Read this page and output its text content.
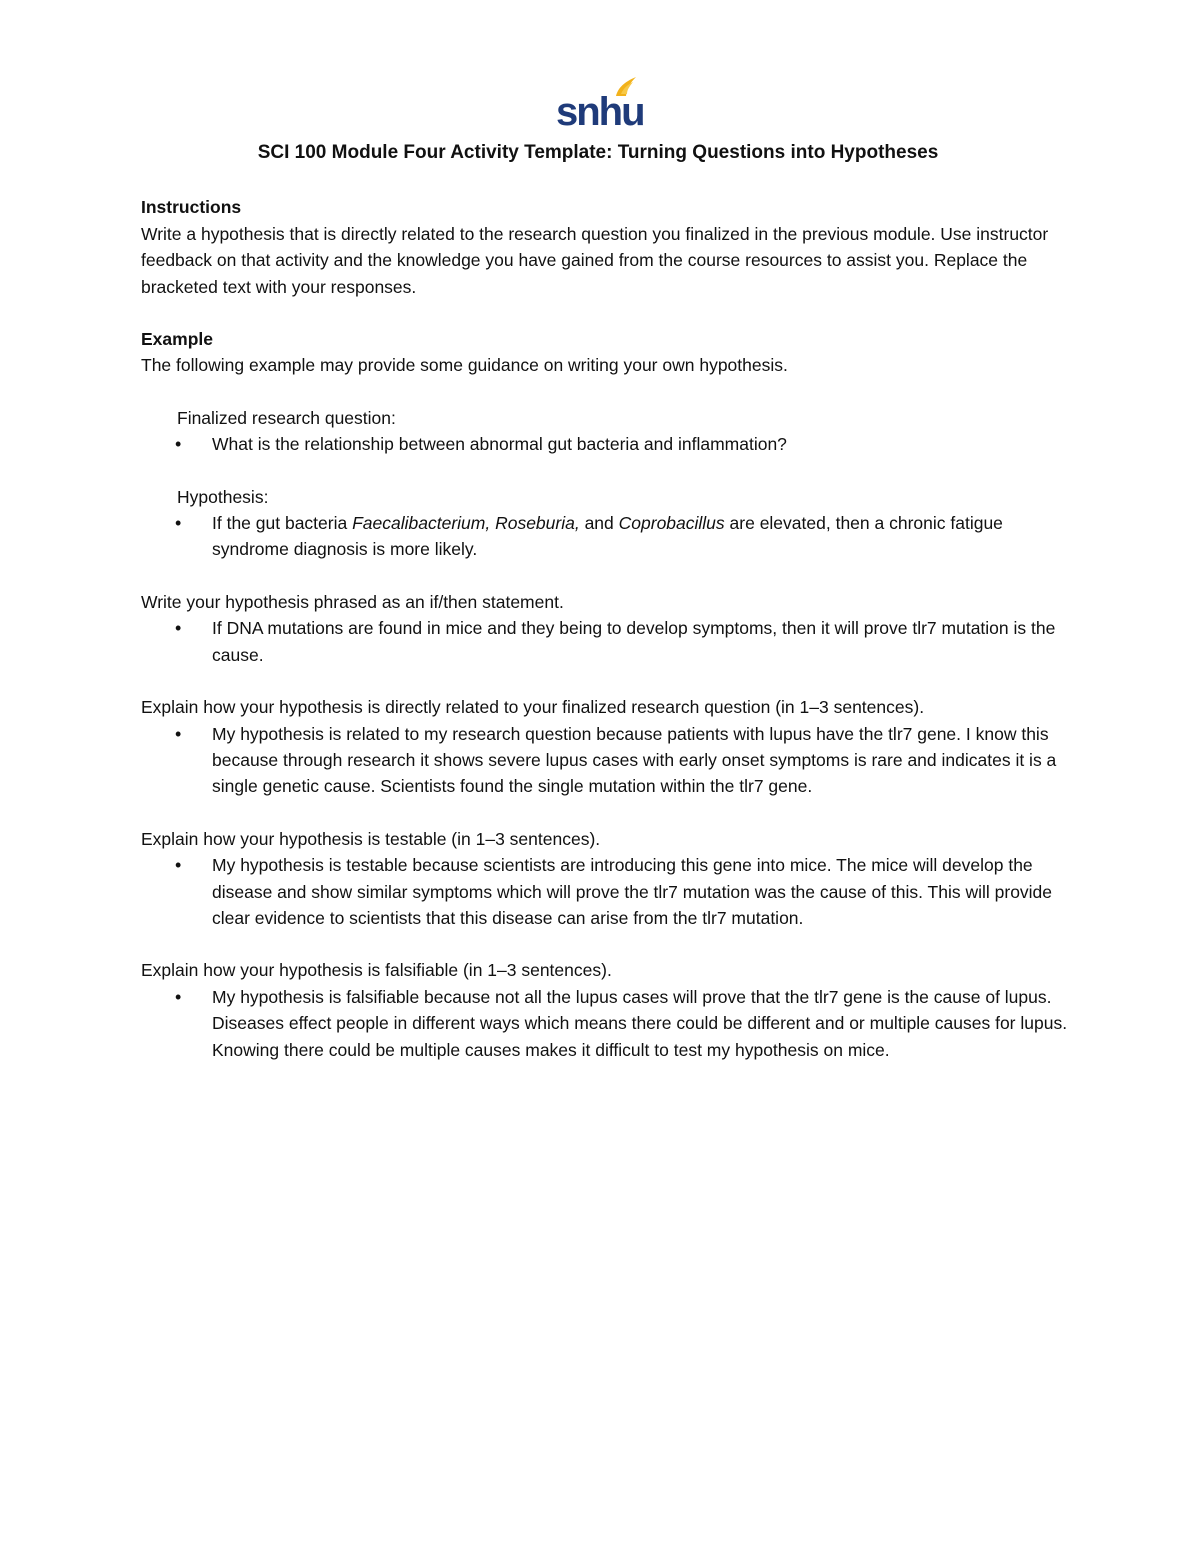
snhu
SCI 100 Module Four Activity Template: Turning Questions into Hypotheses

Instructions

Write a hypothesis that is directly related to the research question you finalized in the previous module. Use instructor feedback on that activity and the knowledge you have gained from the course resources to assist you. Replace the bracketed text with your responses.

Example

The following example may provide some guidance on writing your own hypothesis.

Finalized research question:

• What is the relationship between abnormal gut bacteria and inflammation?

Hypothesis:

• If the gut bacteria Faecalibacterium, Roseburia, and Coprobacillus are elevated, then a chronic fatigue syndrome diagnosis is more likely.

Write your hypothesis phrased as an if/then statement.

• If DNA mutations are found in mice and they being to develop symptoms, then it will prove tlr7 mutation is the cause.

Explain how your hypothesis is directly related to your finalized research question (in 1–3 sentences).

• My hypothesis is related to my research question because patients with lupus have the tlr7 gene. I know this because through research it shows severe lupus cases with early onset symptoms is rare and indicates it is a single genetic cause. Scientists found the single mutation within the tlr7 gene.

Explain how your hypothesis is testable (in 1–3 sentences).

• My hypothesis is testable because scientists are introducing this gene into mice. The mice will develop the disease and show similar symptoms which will prove the tlr7 mutation was the cause of this. This will provide clear evidence to scientists that this disease can arise from the tlr7 mutation.

Explain how your hypothesis is falsifiable (in 1–3 sentences).

• My hypothesis is falsifiable because not all the lupus cases will prove that the tlr7 gene is the cause of lupus. Diseases effect people in different ways which means there could be different and or multiple causes for lupus. Knowing there could be multiple causes makes it difficult to test my hypothesis on mice.
